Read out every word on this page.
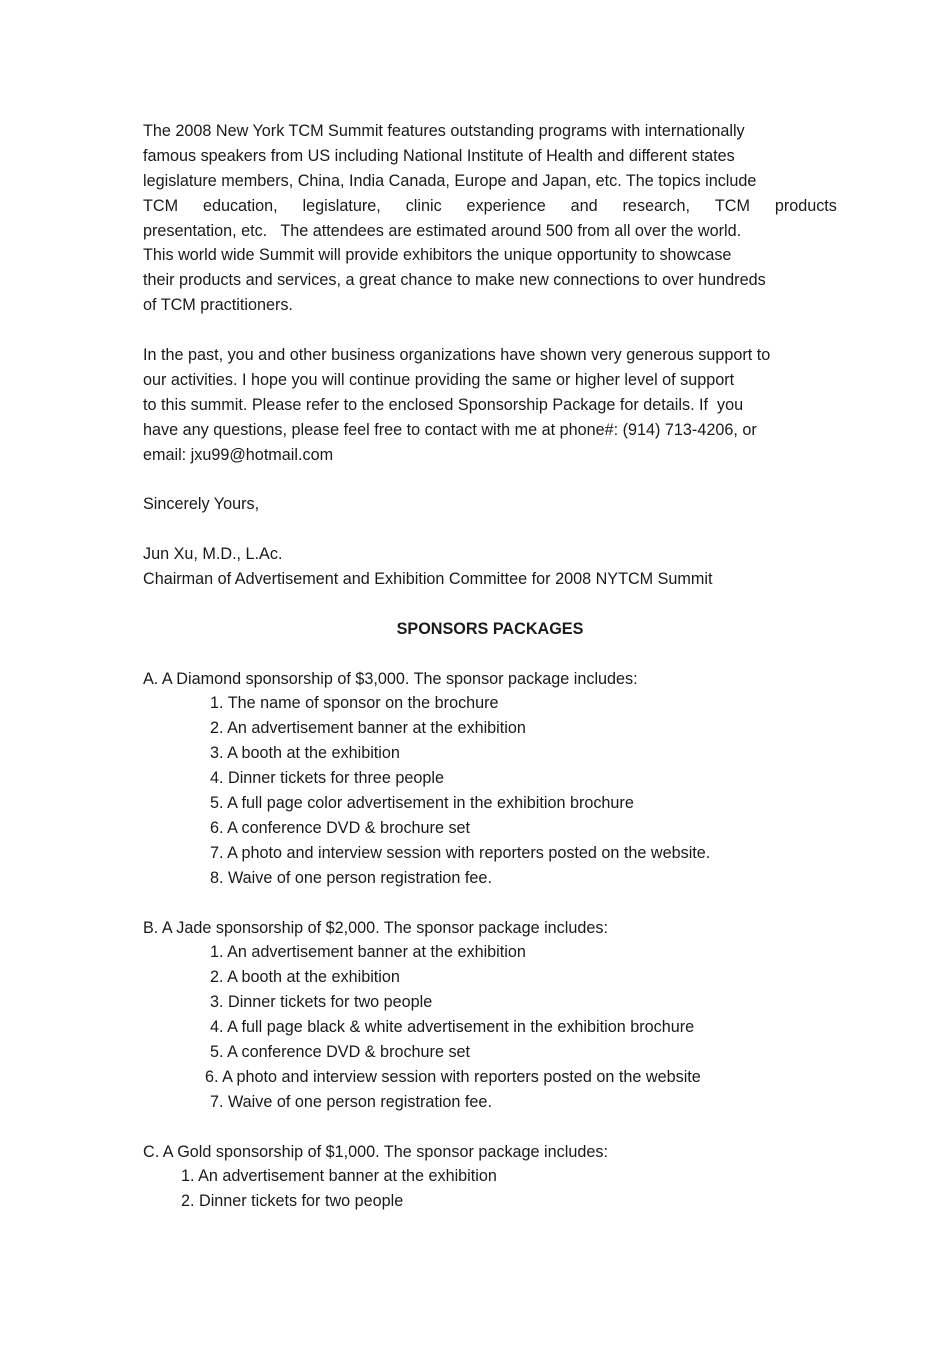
The 2008 New York TCM Summit features outstanding programs with internationally
famous speakers from US including National Institute of Health and different states
legislature members, China, India Canada, Europe and Japan, etc. The topics include
TCM education, legislature, clinic experience and research, TCM products
presentation, etc.   The attendees are estimated around 500 from all over the world.
This world wide Summit will provide exhibitors the unique opportunity to showcase
their products and services, a great chance to make new connections to over hundreds
of TCM practitioners.
In the past, you and other business organizations have shown very generous support to
our activities. I hope you will continue providing the same or higher level of support
to this summit. Please refer to the enclosed Sponsorship Package for details. If  you
have any questions, please feel free to contact with me at phone#: (914) 713-4206, or
email: jxu99@hotmail.com
Sincerely Yours,
Jun Xu, M.D., L.Ac.
Chairman of Advertisement and Exhibition Committee for 2008 NYTCM Summit
SPONSORS PACKAGES
A. A Diamond sponsorship of $3,000. The sponsor package includes:
1. The name of sponsor on the brochure
2. An advertisement banner at the exhibition
3. A booth at the exhibition
4. Dinner tickets for three people
5. A full page color advertisement in the exhibition brochure
6. A conference DVD & brochure set
7. A photo and interview session with reporters posted on the website.
8. Waive of one person registration fee.
B. A Jade sponsorship of $2,000. The sponsor package includes:
1. An advertisement banner at the exhibition
2. A booth at the exhibition
3. Dinner tickets for two people
4. A full page black & white advertisement in the exhibition brochure
5. A conference DVD & brochure set
6. A photo and interview session with reporters posted on the website
7. Waive of one person registration fee.
C. A Gold sponsorship of $1,000. The sponsor package includes:
1. An advertisement banner at the exhibition
2. Dinner tickets for two people
